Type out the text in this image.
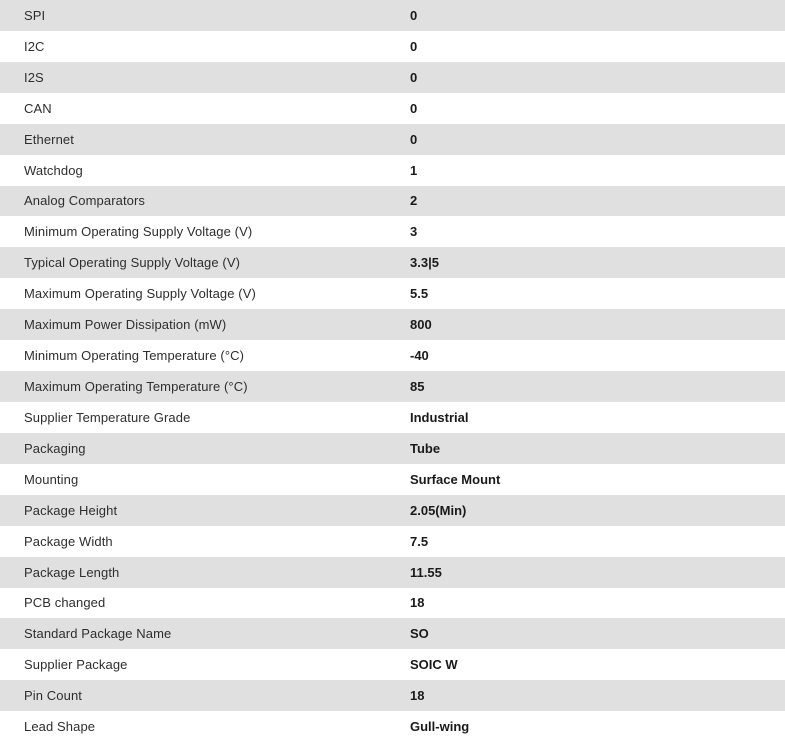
SPI	0
I2C	0
I2S	0
CAN	0
Ethernet	0
Watchdog	1
Analog Comparators	2
Minimum Operating Supply Voltage (V)	3
Typical Operating Supply Voltage (V)	3.3|5
Maximum Operating Supply Voltage (V)	5.5
Maximum Power Dissipation (mW)	800
Minimum Operating Temperature (°C)	-40
Maximum Operating Temperature (°C)	85
Supplier Temperature Grade	Industrial
Packaging	Tube
Mounting	Surface Mount
Package Height	2.05(Min)
Package Width	7.5
Package Length	11.55
PCB changed	18
Standard Package Name	SO
Supplier Package	SOIC W
Pin Count	18
Lead Shape	Gull-wing
